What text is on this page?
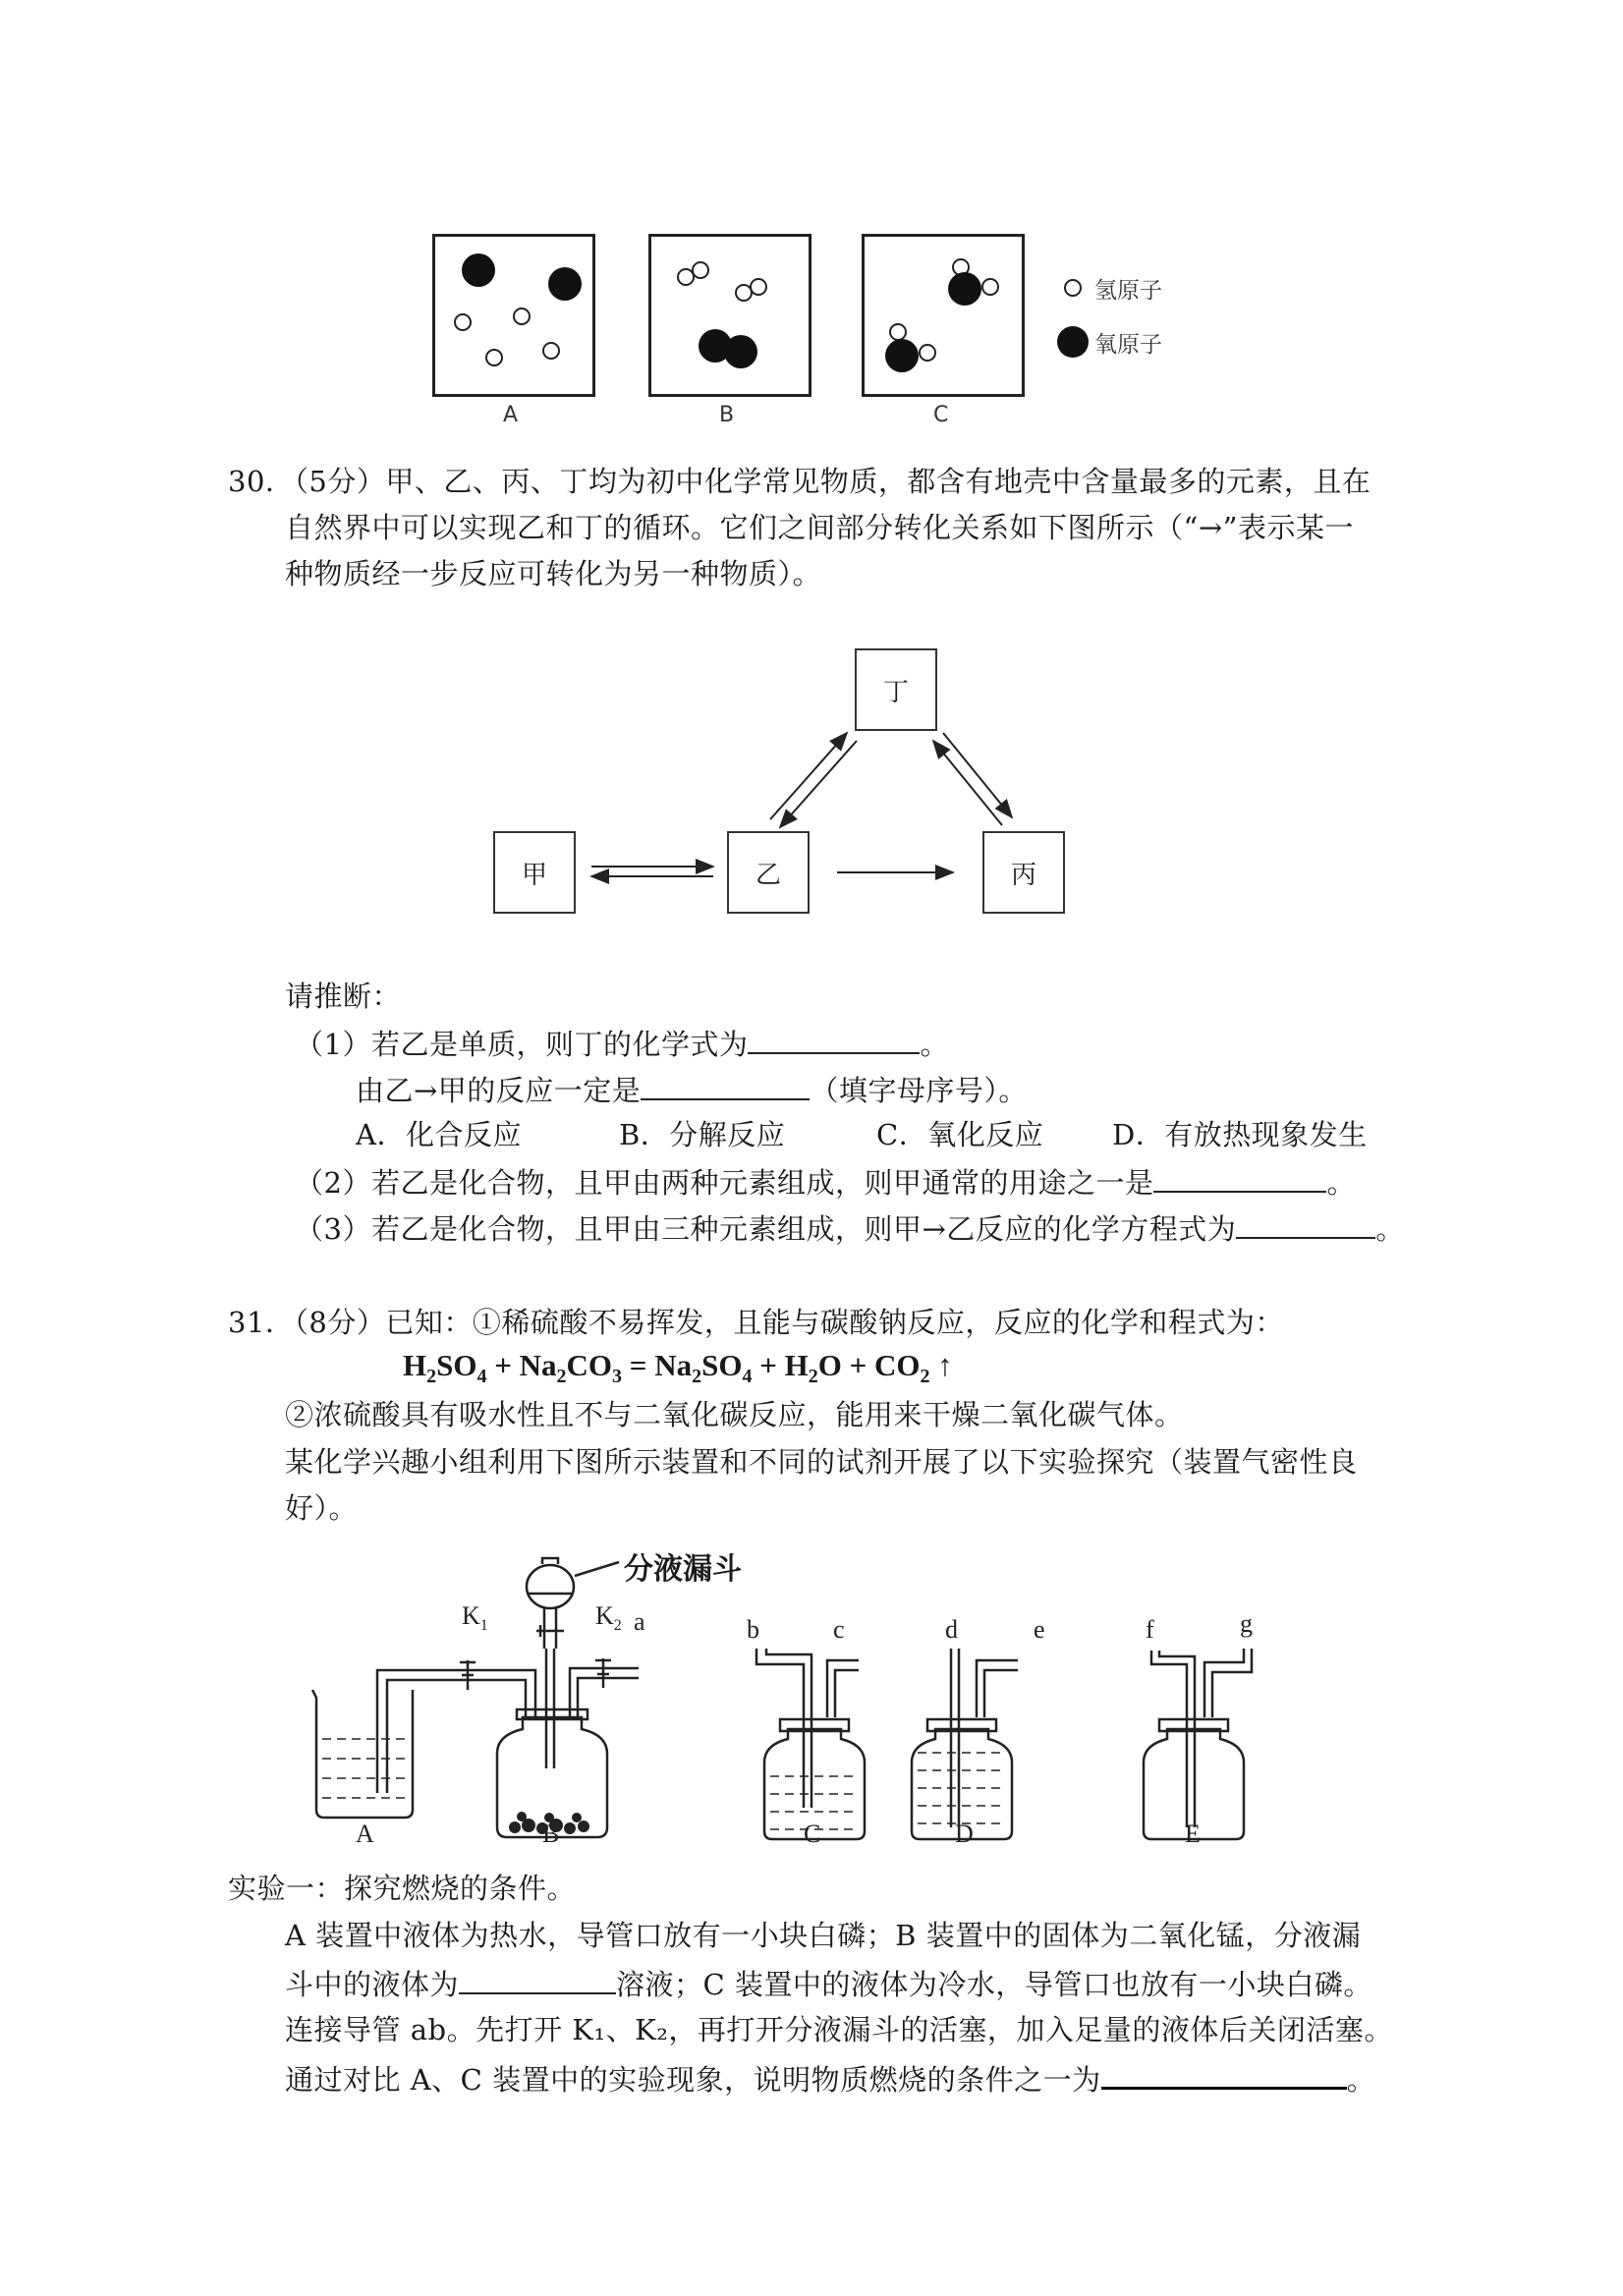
氢原子
氧原子
A	B	C
30．（5分）甲、乙、丙、丁均为初中化学常见物质，都含有地壳中含量最多的元素，且在
自然界中可以实现乙和丁的循环。它们之间部分转化关系如下图所示（“→”表示某一
种物质经一步反应可转化为另一种物质）。
丁
甲	乙	丙
请推断：
（1）若乙是单质，则丁的化学式为	。
由乙→甲的反应一定是	（填字母序号）。
A．化合反应	B．分解反应	C．氧化反应 D．有放热现象发生
（2）若乙是化合物，且甲由两种元素组成，则甲通常的用途之一是	。
（3）若乙是化合物，且甲由三种元素组成，则甲→乙反应的化学方程式为	。
31．（8分）已知：①稀硫酸不易挥发，且能与碳酸钠反应，反应的化学和程式为：
$H_2SO_4 + Na_2CO_3 = Na_2SO_4 + H_2O + CO_2$ ↑
②浓硫酸具有吸水性且不与二氧化碳反应，能用来干燥二氧化碳气体。
某化学兴趣小组利用下图所示装置和不同的试剂开展了以下实验探究（装置气密性良
好）。
分液漏斗
$K_1$	$K_2$ a	b	c	d	e	f	g
A	B	C	D	E
实验一：探究燃烧的条件。
A 装置中液体为热水，导管口放有一小块白磷；B 装置中的固体为二氧化锰，分液漏
斗中的液体为	溶液；C 装置中的液体为冷水，导管口也放有一小块白磷。
连接导管 ab。先打开 K₁、K₂，再打开分液漏斗的活塞，加入足量的液体后关闭活塞。
通过对比 A、C 装置中的实验现象，说明物质燃烧的条件之一为	。
